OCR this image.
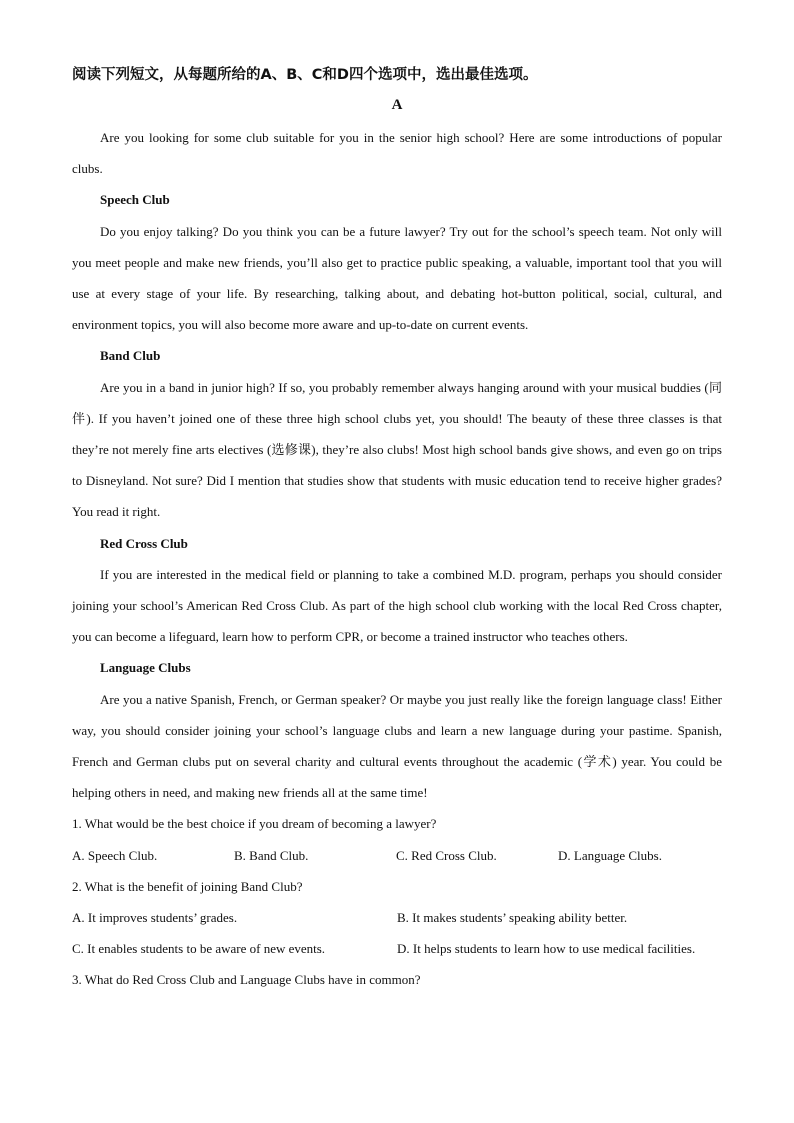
阅读下列短文，从每题所给的A、B、C和D四个选项中，选出最佳选项。

A

Are you looking for some club suitable for you in the senior high school? Here are some introductions of popular clubs.

Speech Club

Do you enjoy talking? Do you think you can be a future lawyer? Try out for the school’s speech team. Not only will you meet people and make new friends, you’ll also get to practice public speaking, a valuable, important tool that you will use at every stage of your life. By researching, talking about, and debating hot-button political, social, cultural, and environment topics, you will also become more aware and up-to-date on current events.

Band Club

Are you in a band in junior high? If so, you probably remember always hanging around with your musical buddies (同伴). If you haven’t joined one of these three high school clubs yet, you should! The beauty of these three classes is that they’re not merely fine arts electives (选修课), they’re also clubs! Most high school bands give shows, and even go on trips to Disneyland. Not sure? Did I mention that studies show that students with music education tend to receive higher grades? You read it right.

Red Cross Club

If you are interested in the medical field or planning to take a combined M.D. program, perhaps you should consider joining your school’s American Red Cross Club. As part of the high school club working with the local Red Cross chapter, you can become a lifeguard, learn how to perform CPR, or become a trained instructor who teaches others.

Language Clubs

Are you a native Spanish, French, or German speaker? Or maybe you just really like the foreign language class! Either way, you should consider joining your school’s language clubs and learn a new language during your pastime. Spanish, French and German clubs put on several charity and cultural events throughout the academic (学术) year. You could be helping others in need, and making new friends all at the same time!

1. What would be the best choice if you dream of becoming a lawyer?
A. Speech Club.	B. Band Club.	C. Red Cross Club.	D. Language Clubs.
2. What is the benefit of joining Band Club?
A. It improves students’ grades.	B. It makes students’ speaking ability better.
C. It enables students to be aware of new events.	D. It helps students to learn how to use medical facilities.
3. What do Red Cross Club and Language Clubs have in common?
